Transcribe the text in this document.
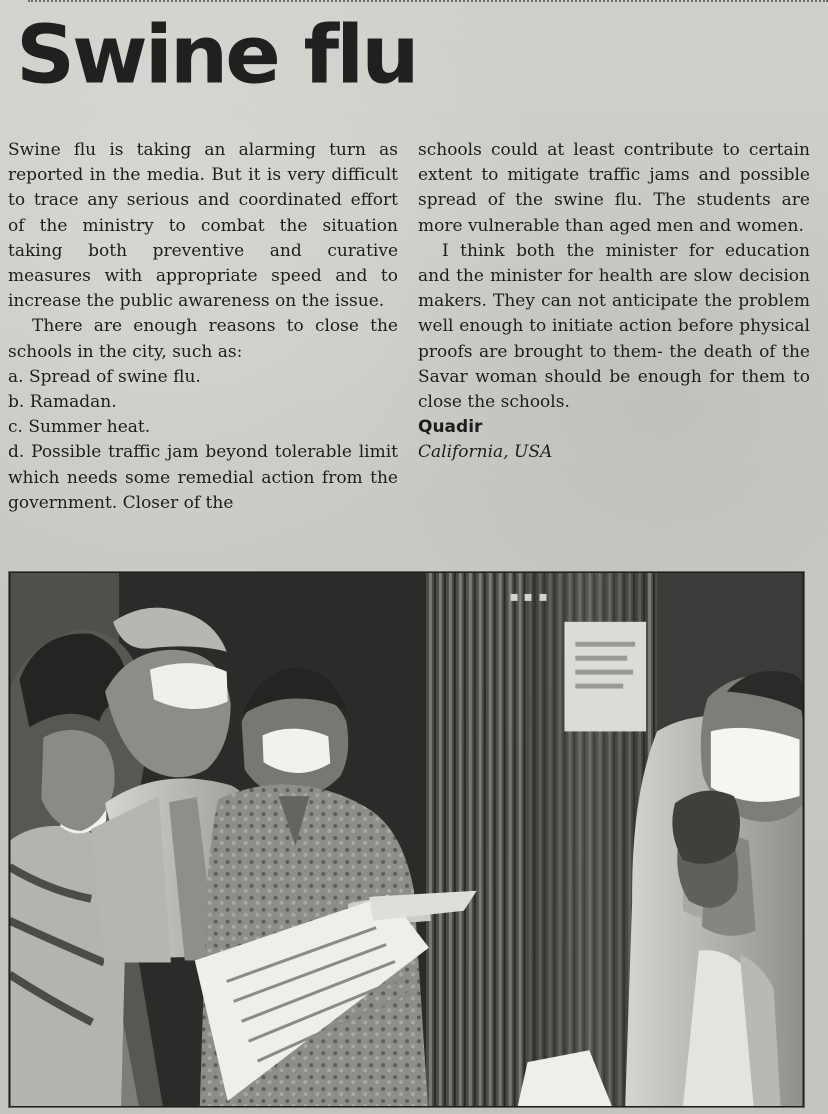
Swine flu

Swine flu is taking an alarming turn as reported in the media. But it is very difficult to trace any serious and coordinated effort of the ministry to combat the situation taking both preventive and curative measures with appropriate speed and to increase the public awareness on the issue.

There are enough reasons to close the schools in the city, such as:

a. Spread of swine flu.
b. Ramadan.
c. Summer heat.
d. Possible traffic jam beyond tolerable limit which needs some remedial action from the government. Closer of the

schools could at least contribute to certain extent to mitigate traffic jams and possible spread of the swine flu. The students are more vulnerable than aged men and women.

I think both the minister for education and the minister for health are slow decision makers. They can not anticipate the problem well enough to initiate action before physical proofs are brought to them- the death of the Savar woman should be enough for them to close the schools.

Quadir

California, USA
